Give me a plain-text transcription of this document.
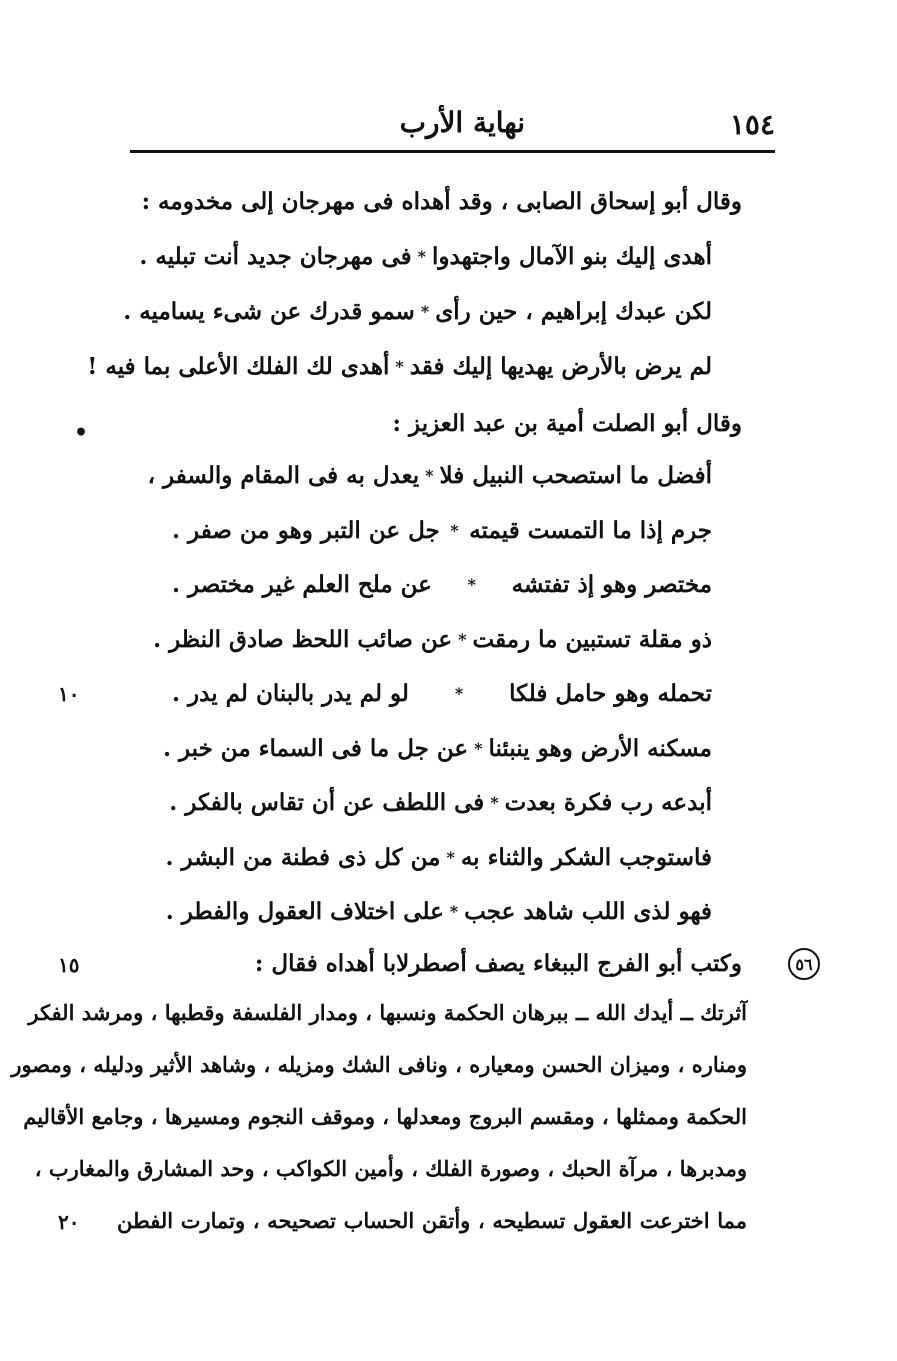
١٥٤
نهاية الأرب
وقال أبو إسحاق الصابى ، وقد أهداه فى مهرجان إلى مخدومه :
أهدى إليك بنو الآمال واجتهدوا
*
فى مهرجان جديد أنت تبليه .
لكن عبدك إبراهيم ، حين رأى
*
سمو قدرك عن شىء يساميه .
لم يرض بالأرض يهديها إليك فقد
*
أهدى لك الفلك الأعلى بما فيه !
وقال أبو الصلت أمية بن عبد العزيز :
أفضل ما استصحب النبيل فلا
*
يعدل به فى المقام والسفر ،
جرم إذا ما التمست قيمته
*
جل عن التبر وهو من صفر .
مختصر وهو إذ تفتشه
*
عن ملح العلم غير مختصر .
ذو مقلة تستبين ما رمقت
*
عن صائب اللحظ صادق النظر .
تحمله وهو حامل فلكا
*
لو لم يدر بالبنان لم يدر .
مسكنه الأرض وهو ينبئنا
*
عن جل ما فى السماء من خبر .
أبدعه رب فكرة بعدت
*
فى اللطف عن أن تقاس بالفكر .
فاستوجب الشكر والثناء به
*
من كل ذى فطنة من البشر .
فهو لذى اللب شاهد عجب
*
على اختلاف العقول والفطر .
وكتب أبو الفرج الببغاء يصف أصطرلابا أهداه فقال :
آثرتك ــ أيدك الله ــ ببرهان الحكمة ونسبها ، ومدار الفلسفة وقطبها ، ومرشد الفكر
ومناره ، وميزان الحسن ومعياره ، ونافى الشك ومزيله ، وشاهد الأثير ودليله ، ومصور
الحكمة وممثلها ، ومقسم البروج ومعدلها ، وموقف النجوم ومسيرها ، وجامع الأقاليم
ومدبرها ، مرآة الحبك ، وصورة الفلك ، وأمين الكواكب ، وحد المشارق والمغارب ،
مما اخترعت العقول تسطيحه ، وأتقن الحساب تصحيحه ، وتمارت الفطن
•
١٠
١٥
٢٠
٥٦
